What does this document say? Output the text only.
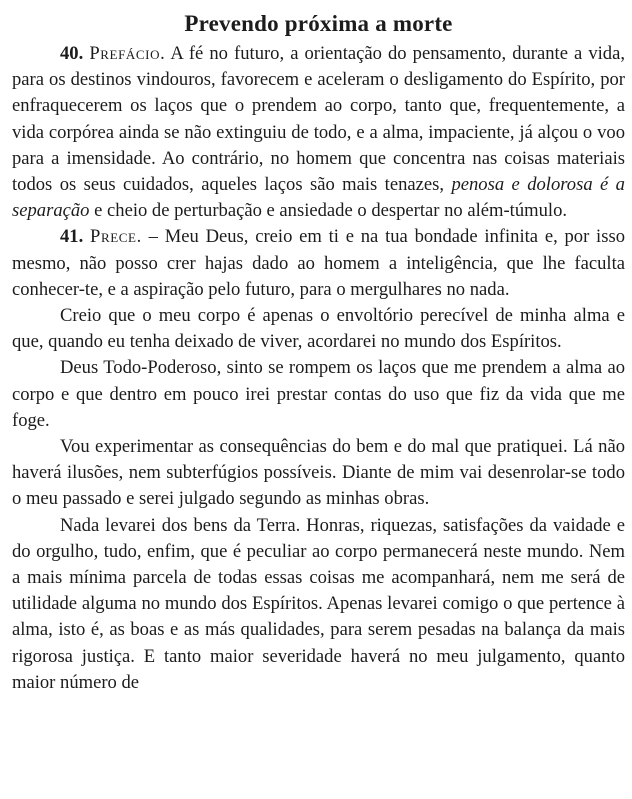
Prevendo próxima a morte

40. Prefácio. A fé no futuro, a orientação do pensamento, durante a vida, para os destinos vindouros, favorecem e aceleram o desligamento do Espírito, por enfraquecerem os laços que o prendem ao corpo, tanto que, frequentemente, a vida corpórea ainda se não extinguiu de todo, e a alma, impaciente, já alçou o voo para a imensidade. Ao contrário, no homem que concentra nas coisas materiais todos os seus cuidados, aqueles laços são mais tenazes, penosa e dolorosa é a separação e cheio de perturbação e ansiedade o despertar no além-túmulo.

41. Prece. – Meu Deus, creio em ti e na tua bondade infinita e, por isso mesmo, não posso crer hajas dado ao homem a inteligência, que lhe faculta conhecer-te, e a aspiração pelo futuro, para o mergulhares no nada.

Creio que o meu corpo é apenas o envoltório perecível de minha alma e que, quando eu tenha deixado de viver, acordarei no mundo dos Espíritos.

Deus Todo-Poderoso, sinto se rompem os laços que me prendem a alma ao corpo e que dentro em pouco irei prestar contas do uso que fiz da vida que me foge.

Vou experimentar as consequências do bem e do mal que pratiquei. Lá não haverá ilusões, nem subterfúgios possíveis. Diante de mim vai desenrolar-se todo o meu passado e serei julgado segundo as minhas obras.

Nada levarei dos bens da Terra. Honras, riquezas, satisfações da vaidade e do orgulho, tudo, enfim, que é peculiar ao corpo permanecerá neste mundo. Nem a mais mínima parcela de todas essas coisas me acompanhará, nem me será de utilidade alguma no mundo dos Espíritos. Apenas levarei comigo o que pertence à alma, isto é, as boas e as más qualidades, para serem pesadas na balança da mais rigorosa justiça. E tanto maior severidade haverá no meu julgamento, quanto maior número de
